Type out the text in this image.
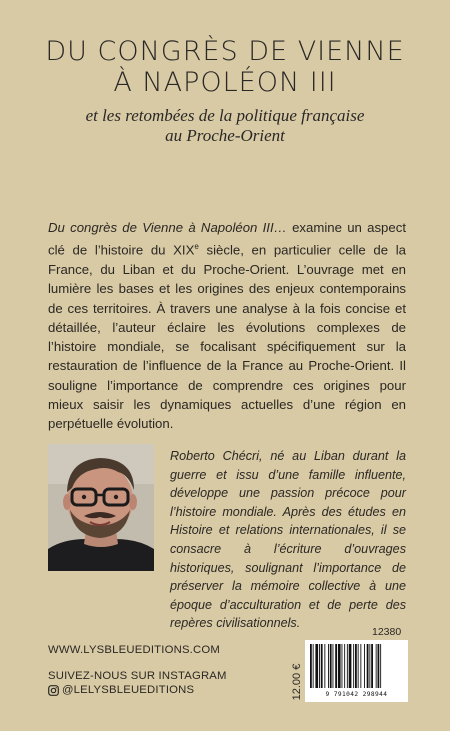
DU CONGRÈS DE VIENNE
À NAPOLÉON III
et les retombées de la politique française
au Proche-Orient
Du congrès de Vienne à Napoléon III… examine un aspect clé de l’histoire du XIXe siècle, en particulier celle de la France, du Liban et du Proche-Orient. L’ouvrage met en lumière les bases et les origines des enjeux contemporains de ces territoires. À travers une analyse à la fois concise et détaillée, l’auteur éclaire les évolutions complexes de l’histoire mondiale, se focalisant spécifiquement sur la restauration de l’influence de la France au Proche-Orient. Il souligne l’importance de comprendre ces origines pour mieux saisir les dynamiques actuelles d’une région en perpétuelle évolution.
Roberto Chécri, né au Liban durant la guerre et issu d’une famille influente, développe une passion précoce pour l’histoire mondiale. Après des études en Histoire et relations internationales, il se consacre à l’écriture d’ouvrages historiques, soulignant l’importance de préserver la mémoire collective à une époque d’acculturation et de perte des repères civilisationnels.
WWW.LYSBLEUEDITIONS.COM
SUIVEZ-NOUS SUR INSTAGRAM
@LELYSBLEUEDITIONS
12380
12.00 €	9 791042 298944
